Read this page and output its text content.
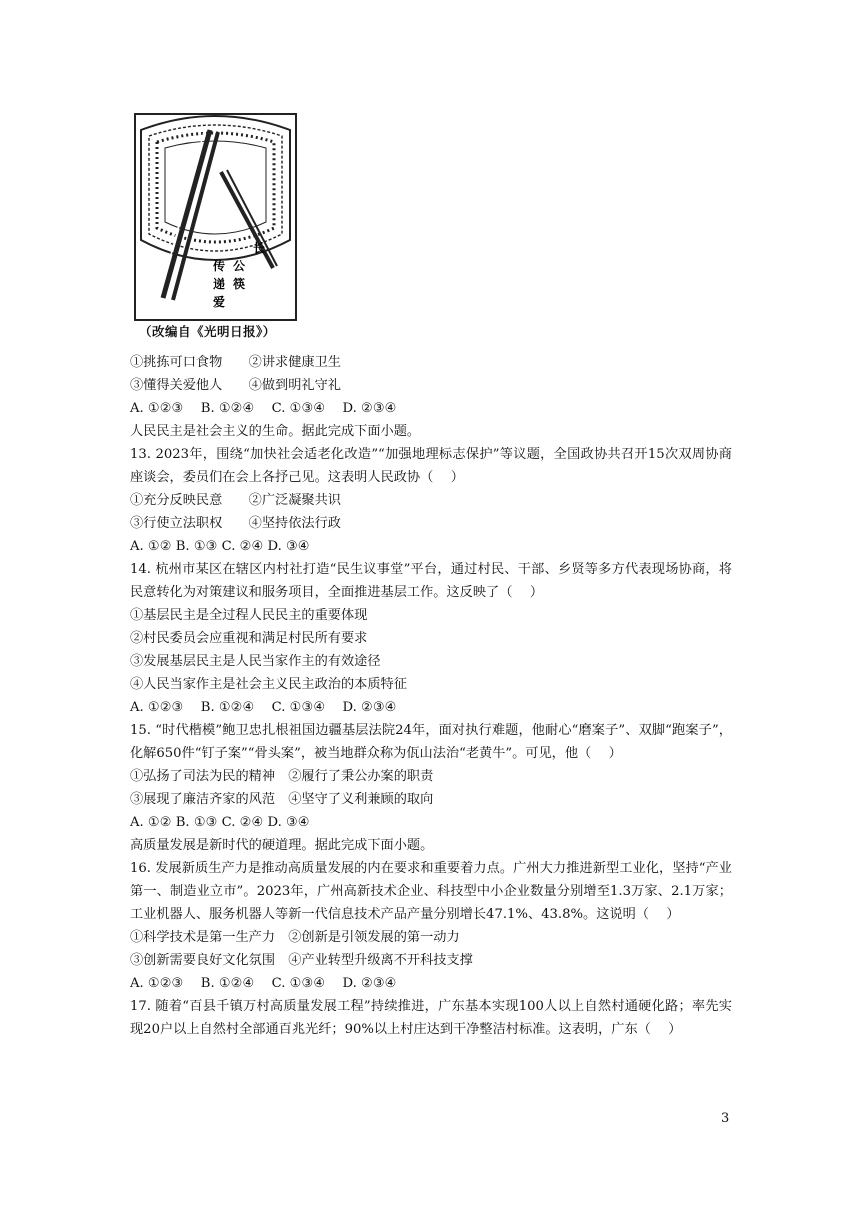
长
公
筷
传
递
爱
（改编自《光明日报》）
①挑拣可口食物　　②讲求健康卫生
③懂得关爱他人　　④做到明礼守礼
A. ①②③　 B. ①②④　 C. ①③④　 D. ②③④
人民民主是社会主义的生命。据此完成下面小题。
13. 2023年，围绕“加快社会适老化改造”“加强地理标志保护”等议题，全国政协共召开15次双周协商座谈会，委员们在会上各抒己见。这表明人民政协（　 ）
①充分反映民意　　②广泛凝聚共识
③行使立法职权　　④坚持依法行政
A. ①② B. ①③ C. ②④ D. ③④
14. 杭州市某区在辖区内村社打造“民生议事堂”平台，通过村民、干部、乡贤等多方代表现场协商，将民意转化为对策建议和服务项目，全面推进基层工作。这反映了（　 ）
①基层民主是全过程人民民主的重要体现
②村民委员会应重视和满足村民所有要求
③发展基层民主是人民当家作主的有效途径
④人民当家作主是社会主义民主政治的本质特征
A. ①②③　 B. ①②④　 C. ①③④　 D. ②③④
15. “时代楷模”鲍卫忠扎根祖国边疆基层法院24年，面对执行难题，他耐心“磨案子”、双脚“跑案子”，化解650件“钉子案”“骨头案”，被当地群众称为佤山法治“老黄牛”。可见，他（　 ）
①弘扬了司法为民的精神　②履行了秉公办案的职责
③展现了廉洁齐家的风范　④坚守了义利兼顾的取向
A. ①② B. ①③ C. ②④ D. ③④
高质量发展是新时代的硬道理。据此完成下面小题。
16. 发展新质生产力是推动高质量发展的内在要求和重要着力点。广州大力推进新型工业化，坚持“产业第一、制造业立市”。2023年，广州高新技术企业、科技型中小企业数量分别增至1.3万家、2.1万家；工业机器人、服务机器人等新一代信息技术产品产量分别增长47.1%、43.8%。这说明（　 ）
①科学技术是第一生产力　②创新是引领发展的第一动力
③创新需要良好文化氛围　④产业转型升级离不开科技支撑
A. ①②③　 B. ①②④　 C. ①③④　 D. ②③④
17. 随着“百县千镇万村高质量发展工程”持续推进，广东基本实现100人以上自然村通硬化路；率先实现20户以上自然村全部通百兆光纤；90%以上村庄达到干净整洁村标准。这表明，广东（　 ）
3
